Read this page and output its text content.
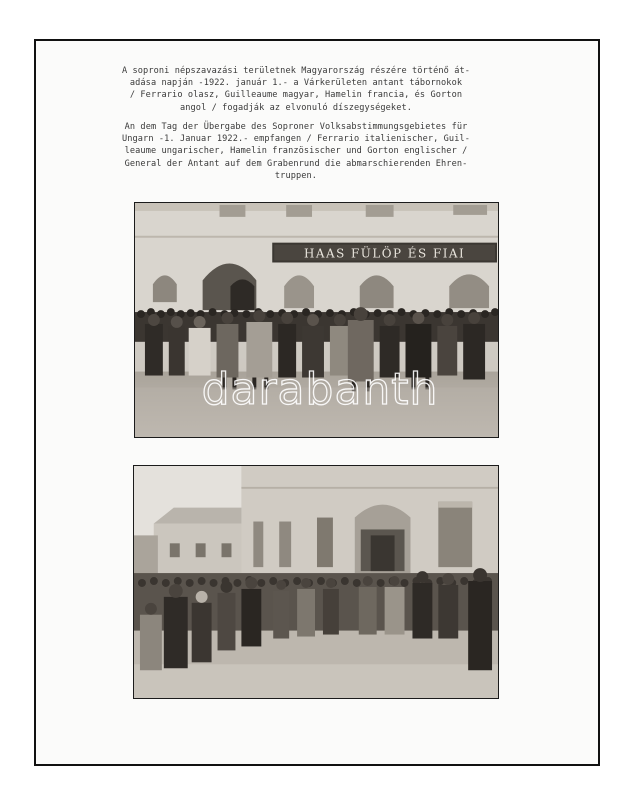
A soproni népszavazási területnek Magyarország részére történő át-

adása napján -1922. január 1.- a Várkerületen antant tábornokok

/ Ferrario olasz, Guilleaume magyar, Hamelin francia, és Gorton

angol / fogadják az elvonuló díszegységeket.

An dem Tag der Übergabe des Soproner Volksabstimmungsgebietes für

Ungarn -1. Januar 1922.- empfangen / Ferrario italienischer, Guil-

leaume ungarischer, Hamelin französischer und Gorton englischer /

General der Antant auf dem Grabenrund die abmarschierenden Ehren-

truppen.

HAAS FÜLÖP ÉS FIAI
